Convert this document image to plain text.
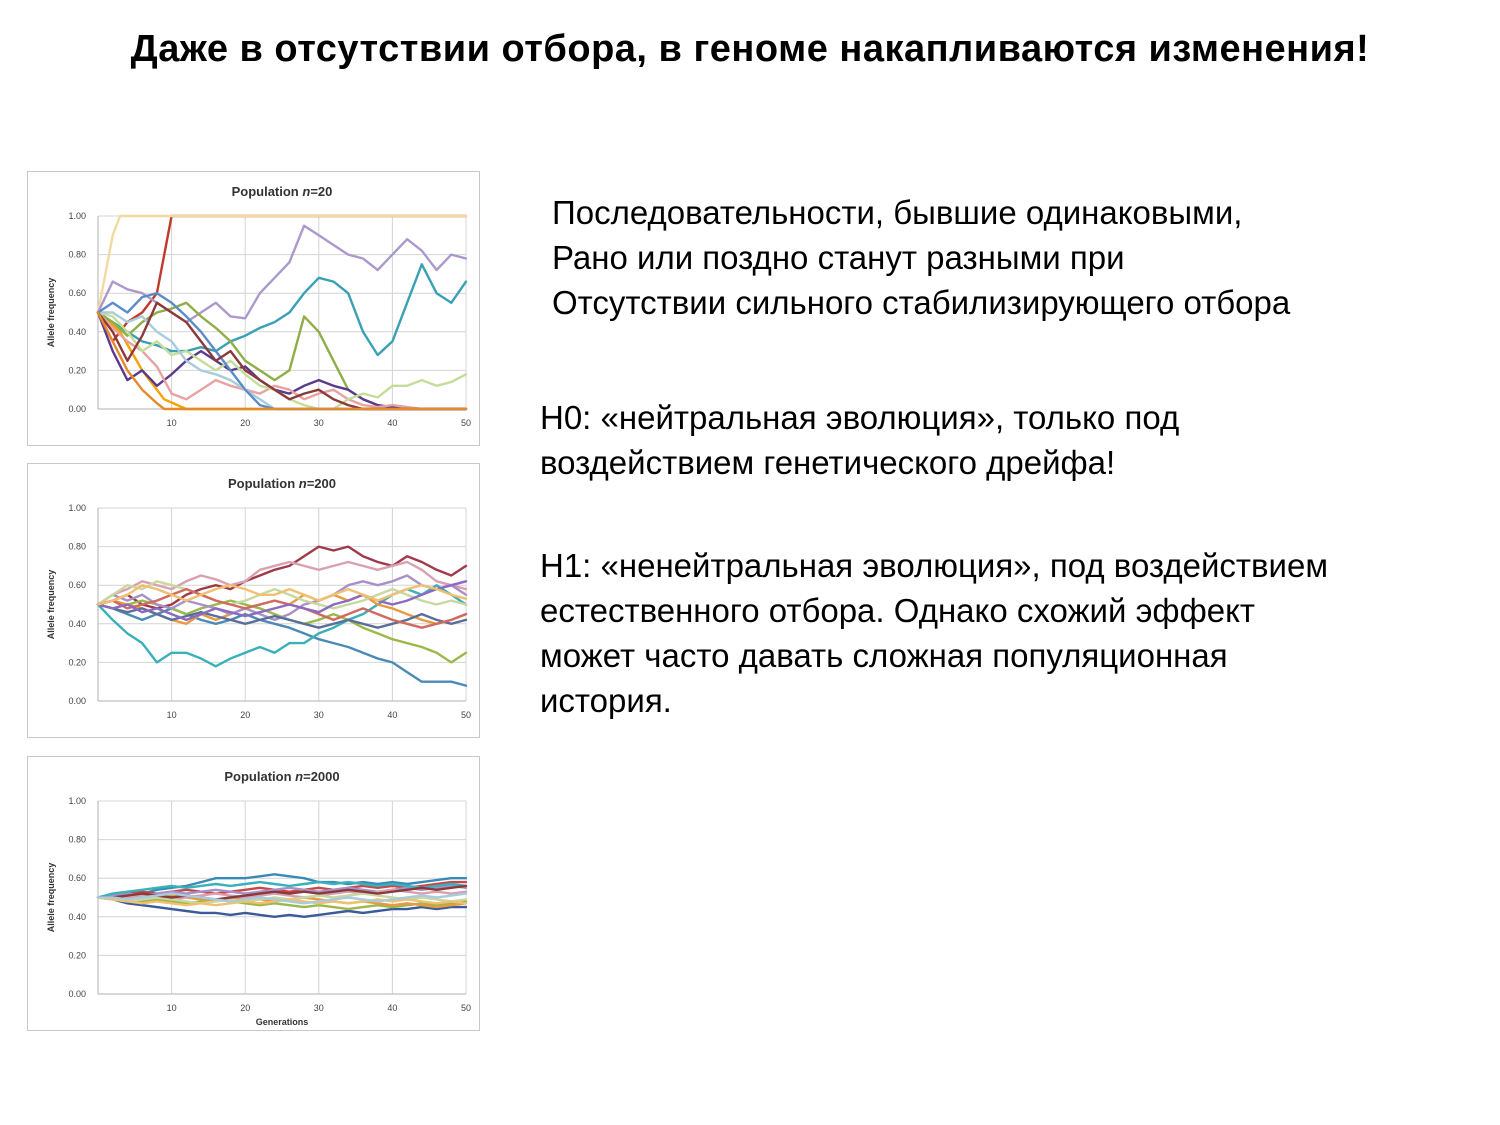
Даже в отсутствии отбора, в геноме накапливаются изменения!
Population n=20
0.00
0.20
0.40
0.60
0.80
1.00
10	20	30	40	50
Allele frequency
Population n=200
0.00
0.20
0.40
0.60
0.80
1.00
10	20	30	40	50
Allele frequency
Population n=2000
0.00
0.20
0.40
0.60
0.80
1.00
10	20	30	40	50
Allele frequency
Generations
Последовательности, бывшие одинаковыми,
Рано или поздно станут разными при
Отсутствии сильного стабилизирующего отбора
H0: «нейтральная эволюция», только под
воздействием генетического дрейфа!
H1: «ненейтральная эволюция», под воздействием
естественного отбора. Однако схожий эффект
может часто давать сложная популяционная
история.
